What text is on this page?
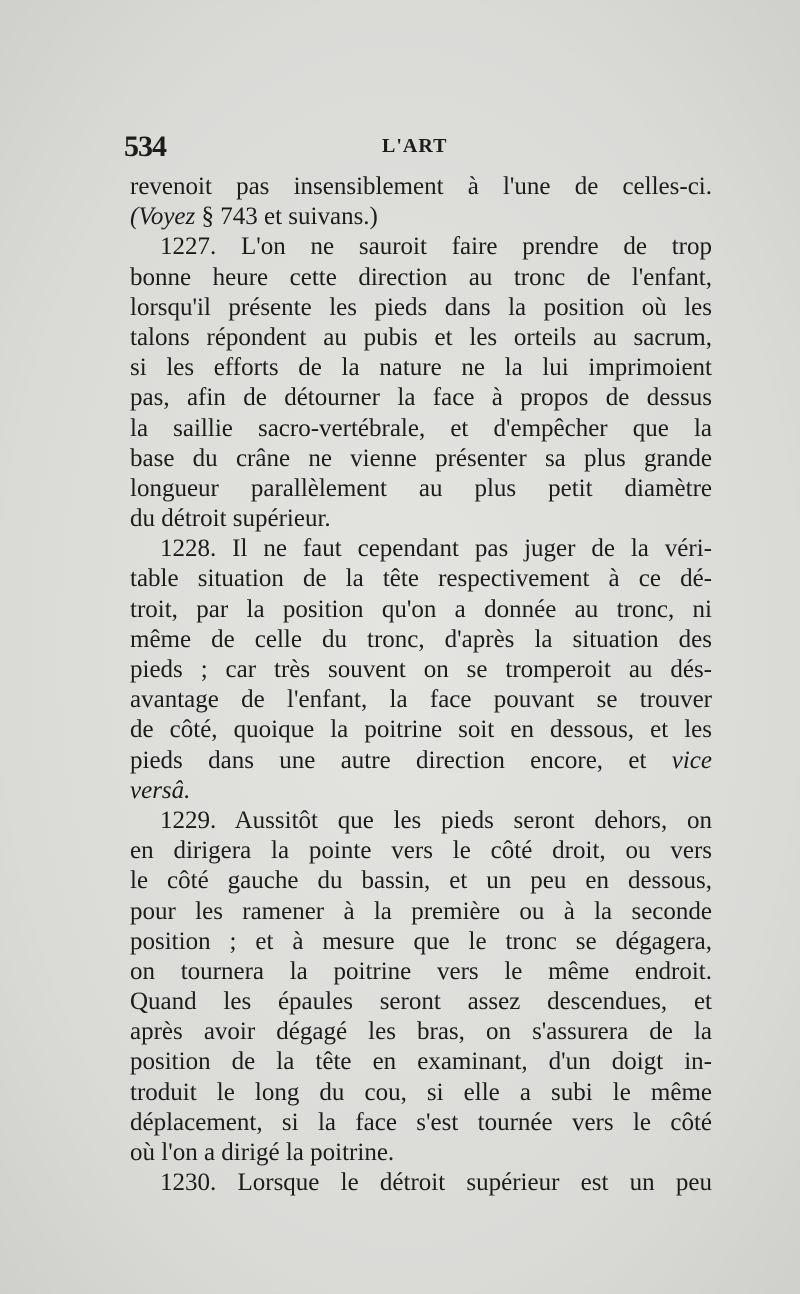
534	L'ART
revenoit pas insensiblement à l'une de celles-ci.
(Voyez § 743 et suivans.)
1227. L'on ne sauroit faire prendre de trop
bonne heure cette direction au tronc de l'enfant,
lorsqu'il présente les pieds dans la position où les
talons répondent au pubis et les orteils au sacrum,
si les efforts de la nature ne la lui imprimoient
pas, afin de détourner la face à propos de dessus
la saillie sacro-vertébrale, et d'empêcher que la
base du crâne ne vienne présenter sa plus grande
longueur parallèlement au plus petit diamètre
du détroit supérieur.
1228. Il ne faut cependant pas juger de la véri-
table situation de la tête respectivement à ce dé-
troit, par la position qu'on a donnée au tronc, ni
même de celle du tronc, d'après la situation des
pieds ; car très souvent on se tromperoit au dés-
avantage de l'enfant, la face pouvant se trouver
de côté, quoique la poitrine soit en dessous, et les
pieds dans une autre direction encore, et vice
versâ.
1229. Aussitôt que les pieds seront dehors, on
en dirigera la pointe vers le côté droit, ou vers
le côté gauche du bassin, et un peu en dessous,
pour les ramener à la première ou à la seconde
position ; et à mesure que le tronc se dégagera,
on tournera la poitrine vers le même endroit.
Quand les épaules seront assez descendues, et
après avoir dégagé les bras, on s'assurera de la
position de la tête en examinant, d'un doigt in-
troduit le long du cou, si elle a subi le même
déplacement, si la face s'est tournée vers le côté
où l'on a dirigé la poitrine.
1230. Lorsque le détroit supérieur est un peu
